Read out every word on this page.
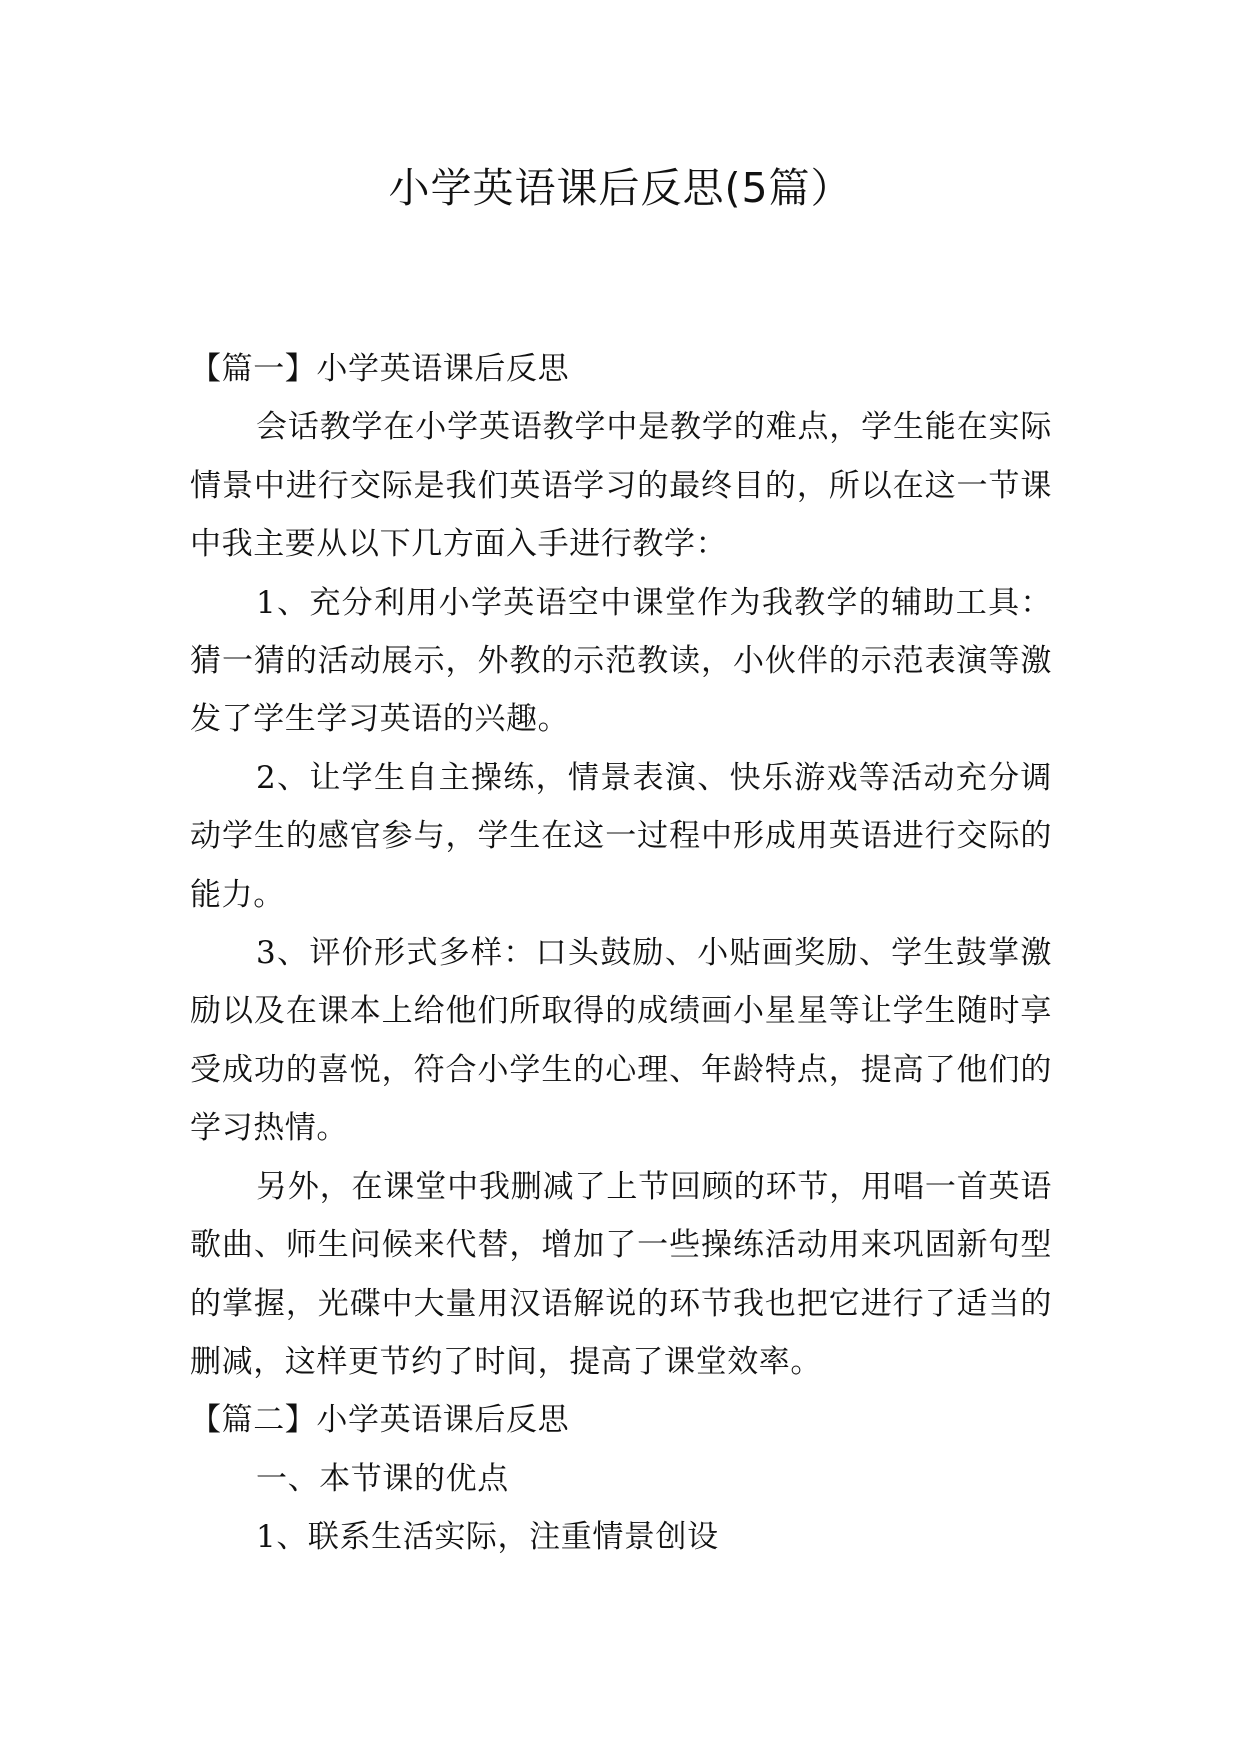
小学英语课后反思(5篇）

【篇一】小学英语课后反思

会话教学在小学英语教学中是教学的难点，学生能在实际情景中进行交际是我们英语学习的最终目的，所以在这一节课中我主要从以下几方面入手进行教学：

1、充分利用小学英语空中课堂作为我教学的辅助工具：猜一猜的活动展示，外教的示范教读，小伙伴的示范表演等激发了学生学习英语的兴趣。

2、让学生自主操练，情景表演、快乐游戏等活动充分调动学生的感官参与，学生在这一过程中形成用英语进行交际的能力。

3、评价形式多样：口头鼓励、小贴画奖励、学生鼓掌激励以及在课本上给他们所取得的成绩画小星星等让学生随时享受成功的喜悦，符合小学生的心理、年龄特点，提高了他们的学习热情。

另外，在课堂中我删减了上节回顾的环节，用唱一首英语歌曲、师生问候来代替，增加了一些操练活动用来巩固新句型的掌握，光碟中大量用汉语解说的环节我也把它进行了适当的删减，这样更节约了时间，提高了课堂效率。

【篇二】小学英语课后反思

一、本节课的优点

1、联系生活实际，注重情景创设
